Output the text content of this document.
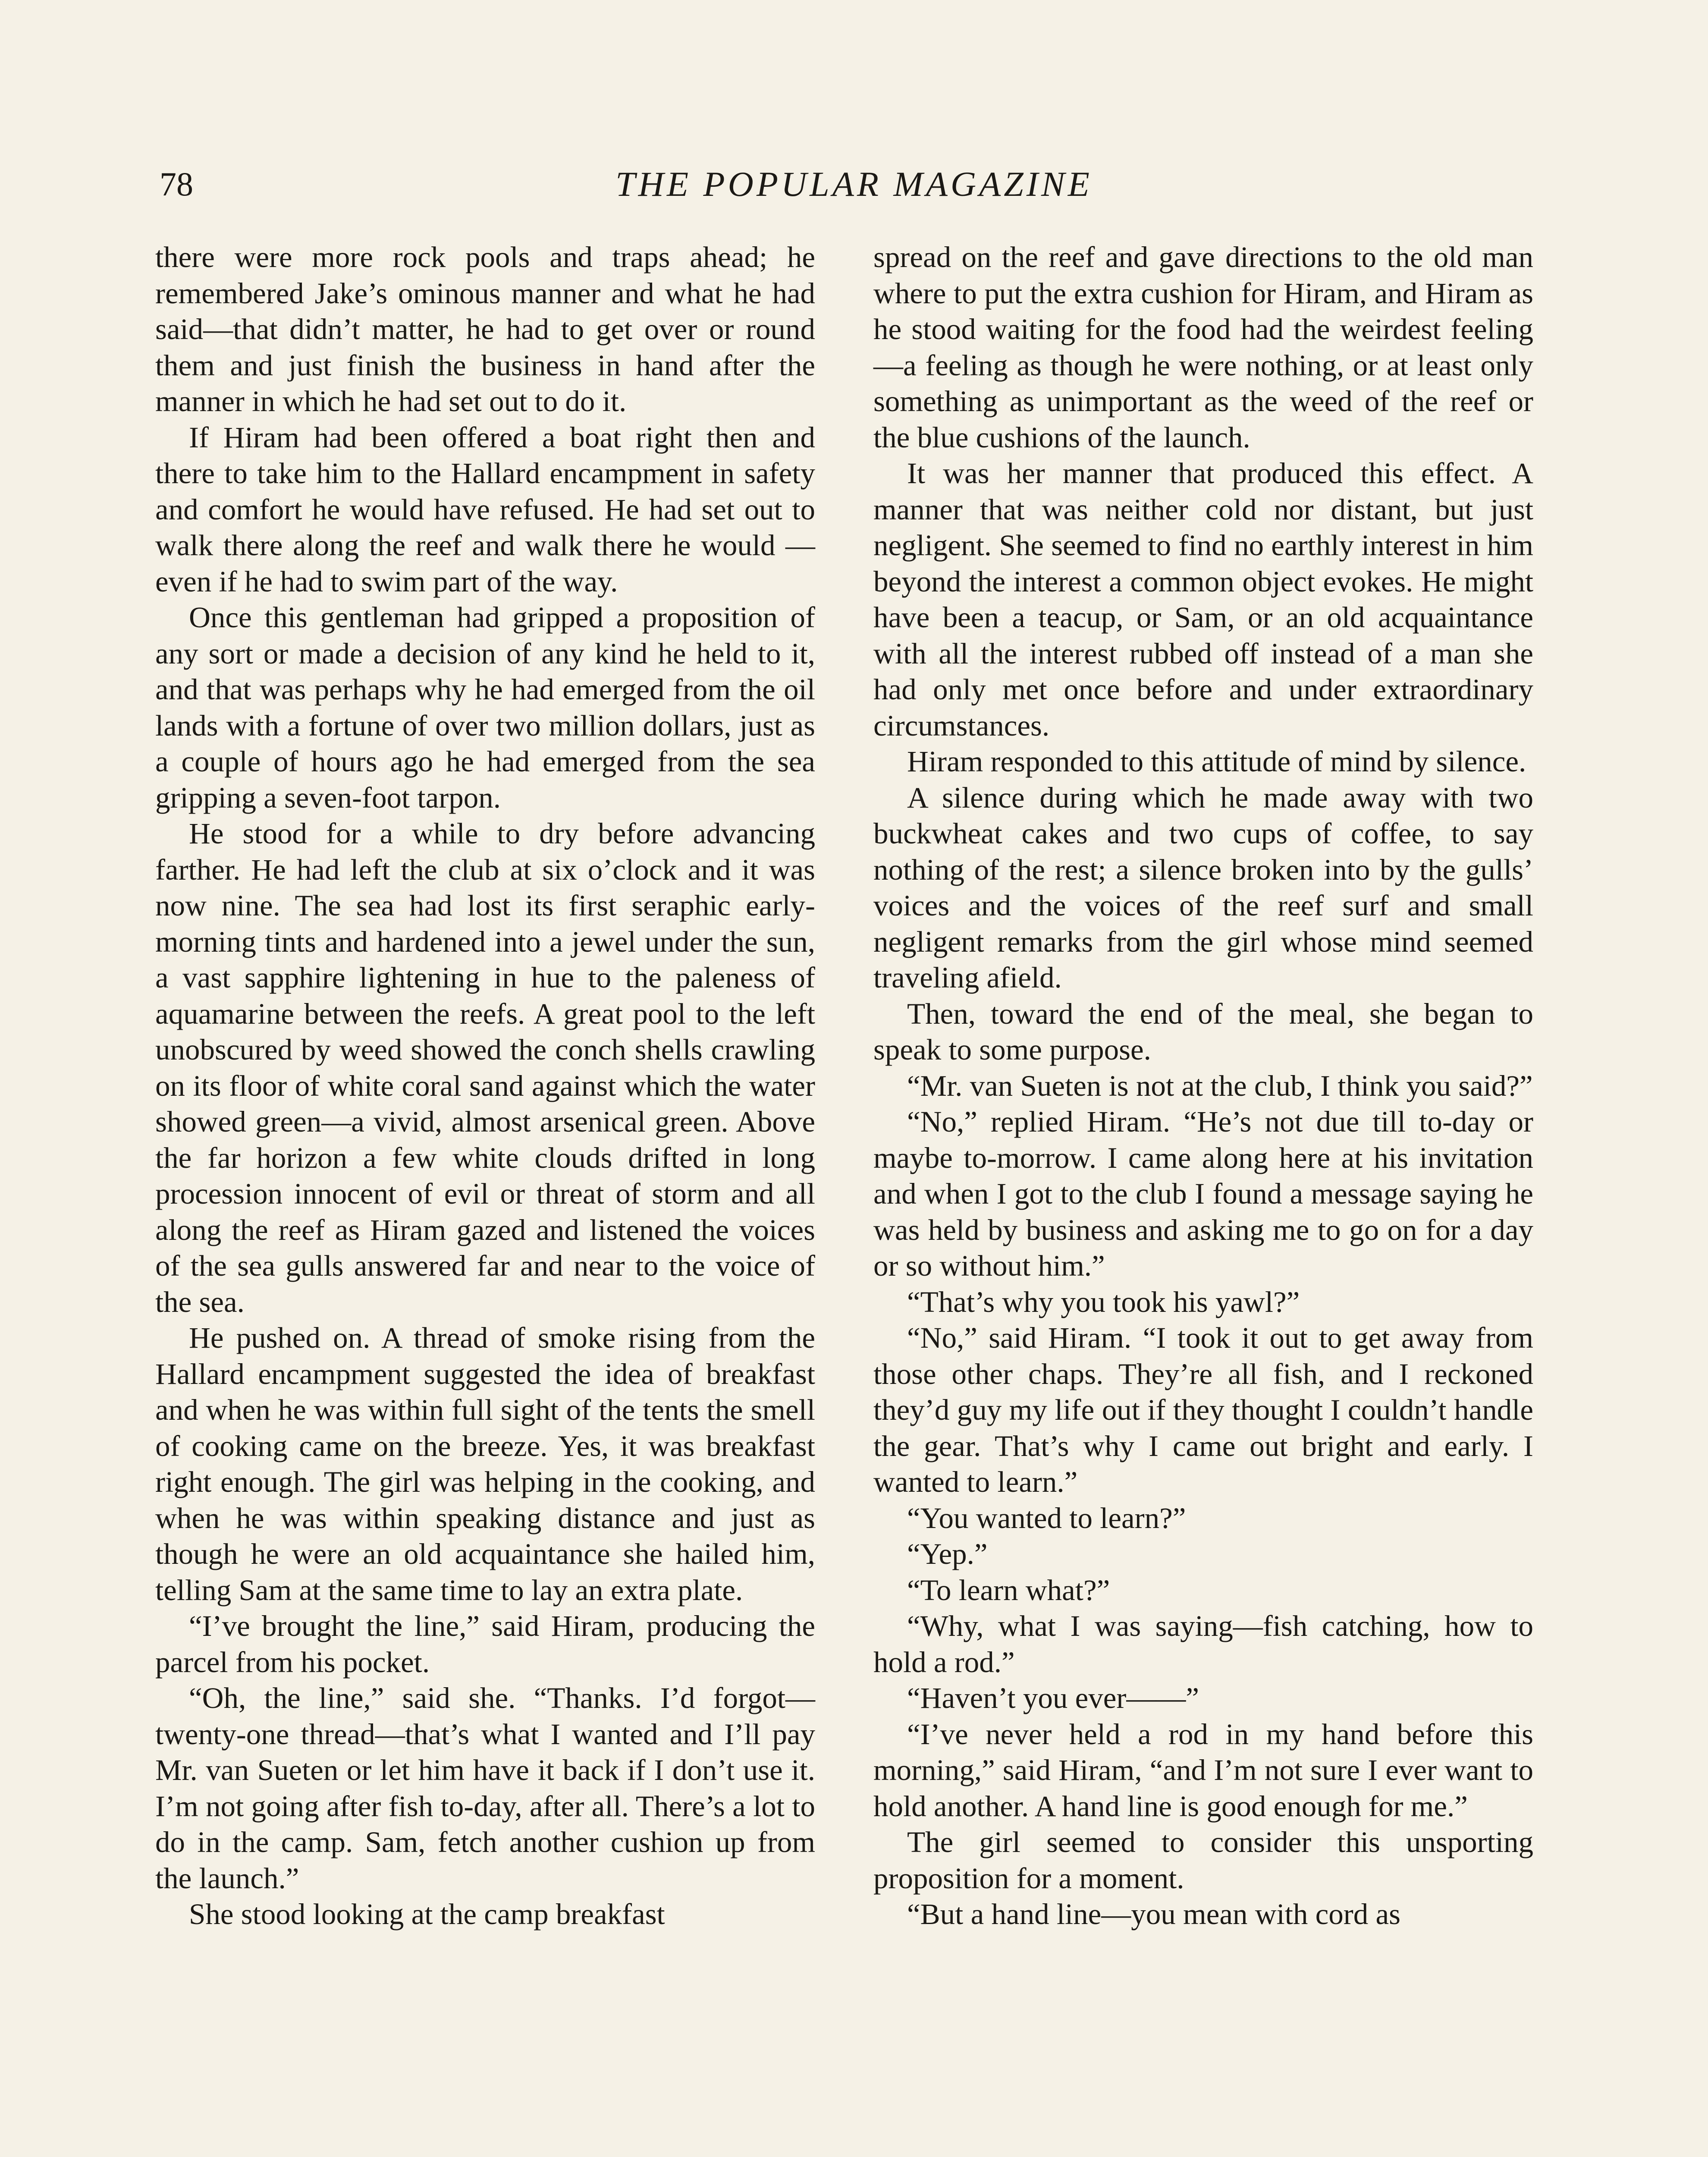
78	THE POPULAR MAGAZINE

there were more rock pools and traps ahead; he remembered Jake’s ominous manner and what he had said—that didn’t matter, he had to get over or round them and just finish the business in hand after the manner in which he had set out to do it.

If Hiram had been offered a boat right then and there to take him to the Hallard encampment in safety and comfort he would have refused. He had set out to walk there along the reef and walk there he would —even if he had to swim part of the way.

Once this gentleman had gripped a proposition of any sort or made a decision of any kind he held to it, and that was perhaps why he had emerged from the oil lands with a fortune of over two million dollars, just as a couple of hours ago he had emerged from the sea gripping a seven-foot tarpon.

He stood for a while to dry before advancing farther. He had left the club at six o’clock and it was now nine. The sea had lost its first seraphic early-morning tints and hardened into a jewel under the sun, a vast sapphire lightening in hue to the paleness of aquamarine between the reefs. A great pool to the left unobscured by weed showed the conch shells crawling on its floor of white coral sand against which the water showed green—a vivid, almost arsenical green. Above the far horizon a few white clouds drifted in long procession innocent of evil or threat of storm and all along the reef as Hiram gazed and listened the voices of the sea gulls answered far and near to the voice of the sea.

He pushed on. A thread of smoke rising from the Hallard encampment suggested the idea of breakfast and when he was within full sight of the tents the smell of cooking came on the breeze. Yes, it was breakfast right enough. The girl was helping in the cooking, and when he was within speaking distance and just as though he were an old acquaintance she hailed him, telling Sam at the same time to lay an extra plate.

“I’ve brought the line,” said Hiram, producing the parcel from his pocket.

“Oh, the line,” said she. “Thanks. I’d forgot—twenty-one thread—that’s what I wanted and I’ll pay Mr. van Sueten or let him have it back if I don’t use it. I’m not going after fish to-day, after all. There’s a lot to do in the camp. Sam, fetch another cushion up from the launch.”

She stood looking at the camp breakfast

spread on the reef and gave directions to the old man where to put the extra cushion for Hiram, and Hiram as he stood waiting for the food had the weirdest feeling—a feeling as though he were nothing, or at least only something as unimportant as the weed of the reef or the blue cushions of the launch.

It was her manner that produced this effect. A manner that was neither cold nor distant, but just negligent. She seemed to find no earthly interest in him beyond the interest a common object evokes. He might have been a teacup, or Sam, or an old acquaintance with all the interest rubbed off instead of a man she had only met once before and under extraordinary circumstances.

Hiram responded to this attitude of mind by silence.

A silence during which he made away with two buckwheat cakes and two cups of coffee, to say nothing of the rest; a silence broken into by the gulls’ voices and the voices of the reef surf and small negligent remarks from the girl whose mind seemed traveling afield.

Then, toward the end of the meal, she began to speak to some purpose.

“Mr. van Sueten is not at the club, I think you said?”

“No,” replied Hiram. “He’s not due till to-day or maybe to-morrow. I came along here at his invitation and when I got to the club I found a message saying he was held by business and asking me to go on for a day or so without him.”

“That’s why you took his yawl?”

“No,” said Hiram. “I took it out to get away from those other chaps. They’re all fish, and I reckoned they’d guy my life out if they thought I couldn’t handle the gear. That’s why I came out bright and early. I wanted to learn.”

“You wanted to learn?”

“Yep.”

“To learn what?”

“Why, what I was saying—fish catching, how to hold a rod.”

“Haven’t you ever——”

“I’ve never held a rod in my hand before this morning,” said Hiram, “and I’m not sure I ever want to hold another. A hand line is good enough for me.”

The girl seemed to consider this unsporting proposition for a moment.

“But a hand line—you mean with cord as
